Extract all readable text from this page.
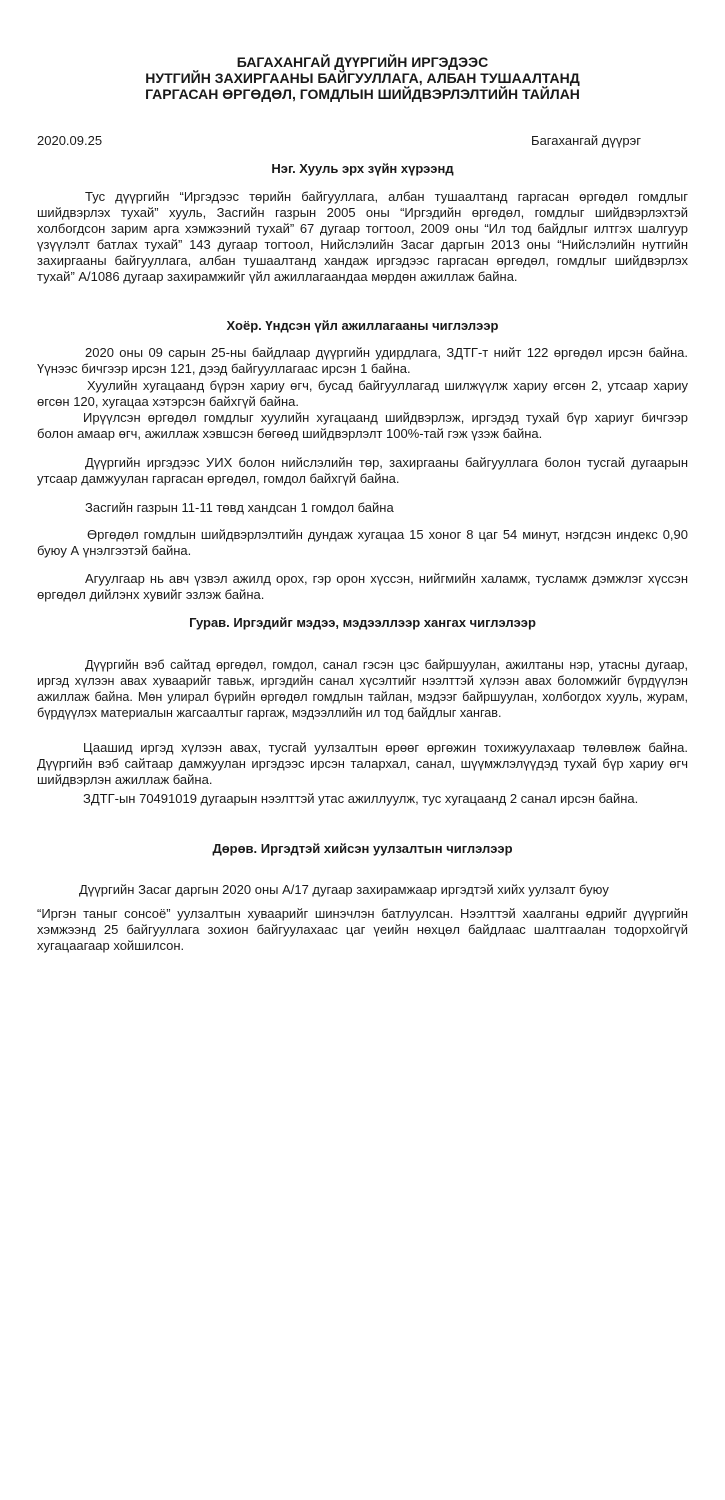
БАГАХАНГАЙ ДҮҮРГИЙН ИРГЭДЭЭС
НУТГИЙН ЗАХИРГААНЫ БАЙГУУЛЛАГА, АЛБАН ТУШААЛТАНД
ГАРГАСАН ӨРГӨДӨЛ, ГОМДЛЫН ШИЙДВЭРЛЭЛТИЙН ТАЙЛАН
2020.09.25	Багахангай дүүрэг
Нэг. Хууль эрх зүйн хүрээнд
Тус дүүргийн “Иргэдээс төрийн байгууллага, албан тушаалтанд гаргасан өргөдөл гомдлыг шийдвэрлэх тухай” хууль, Засгийн газрын 2005 оны “Иргэдийн өргөдөл, гомдлыг шийдвэрлэхтэй холбогдсон зарим арга хэмжээний тухай” 67 дугаар тогтоол, 2009 оны “Ил тод байдлыг илтгэх шалгуур үзүүлэлт батлах тухай” 143 дугаар тогтоол, Нийслэлийн Засаг даргын 2013 оны “Нийслэлийн нутгийн захиргааны байгууллага, албан тушаалтанд хандаж иргэдээс гаргасан өргөдөл, гомдлыг шийдвэрлэх тухай” А/1086 дугаар захирамжийг үйл ажиллагаандаа мөрдөн ажиллаж байна.
Хоёр. Үндсэн үйл ажиллагааны чиглэлээр
2020 оны 09 сарын 25-ны байдлаар дүүргийн удирдлага, ЗДТГ-т нийт 122 өргөдөл ирсэн байна. Үүнээс бичгээр ирсэн 121, дээд байгууллагаас ирсэн 1 байна.
Хуулийн хугацаанд бүрэн хариу өгч, бусад байгууллагад шилжүүлж хариу өгсөн 2, утсаар хариу өгсөн 120, хугацаа хэтэрсэн байхгүй байна.
Ирүүлсэн өргөдөл гомдлыг хуулийн хугацаанд шийдвэрлэж, иргэдэд тухай бүр хариуг бичгээр болон амаар өгч, ажиллаж хэвшсэн бөгөөд шийдвэрлэлт 100%-тай гэж үзэж байна.
Дүүргийн иргэдээс УИХ болон нийслэлийн төр, захиргааны байгууллага болон тусгай дугаарын утсаар дамжуулан гаргасан өргөдөл, гомдол байхгүй байна.
Засгийн газрын 11-11 төвд хандсан 1 гомдол байна
Өргөдөл гомдлын шийдвэрлэлтийн дундаж хугацаа 15 хоног 8 цаг 54 минут, нэгдсэн индекс 0,90 буюу А үнэлгээтэй байна.
Агуулгаар нь авч үзвэл ажилд орох, гэр орон хүссэн, нийгмийн халамж, тусламж дэмжлэг хүссэн өргөдөл дийлэнх хувийг эзлэж байна.
Гурав. Иргэдийг мэдээ, мэдээллээр хангах чиглэлээр
Дүүргийн вэб сайтад өргөдөл, гомдол, санал гэсэн цэс байршуулан, ажилтаны нэр, утасны дугаар, иргэд хүлээн авах хуваарийг тавьж, иргэдийн санал хүсэлтийг нээлттэй хүлээн авах боломжийг бүрдүүлэн ажиллаж байна. Мөн улирал бүрийн өргөдөл гомдлын тайлан, мэдээг байршуулан, холбогдох хууль, журам, бүрдүүлэх материалын жагсаалтыг гаргаж, мэдээллийн ил тод байдлыг хангав.
Цаашид иргэд хүлээн авах, тусгай уулзалтын өрөөг өргөжин тохижуулахаар төлөвлөж байна. Дүүргийн вэб сайтаар дамжуулан иргэдээс ирсэн талархал, санал, шүүмжлэлүүдэд тухай бүр хариу өгч шийдвэрлэн ажиллаж байна.
ЗДТГ-ын 70491019 дугаарын нээлттэй утас ажиллуулж, тус хугацаанд 2 санал ирсэн байна.
Дөрөв. Иргэдтэй хийсэн уулзалтын чиглэлээр
Дүүргийн Засаг даргын 2020 оны А/17 дугаар захирамжаар иргэдтэй хийх уулзалт буюу
“Иргэн таныг сонсоё” уулзалтын хуваарийг шинэчлэн батлуулсан. Нээлттэй хаалганы өдрийг дүүргийн хэмжээнд 25 байгууллага зохион байгуулахаас цаг үеийн нөхцөл байдлаас шалтгаалан тодорхойгүй хугацаагаар хойшилсон.
